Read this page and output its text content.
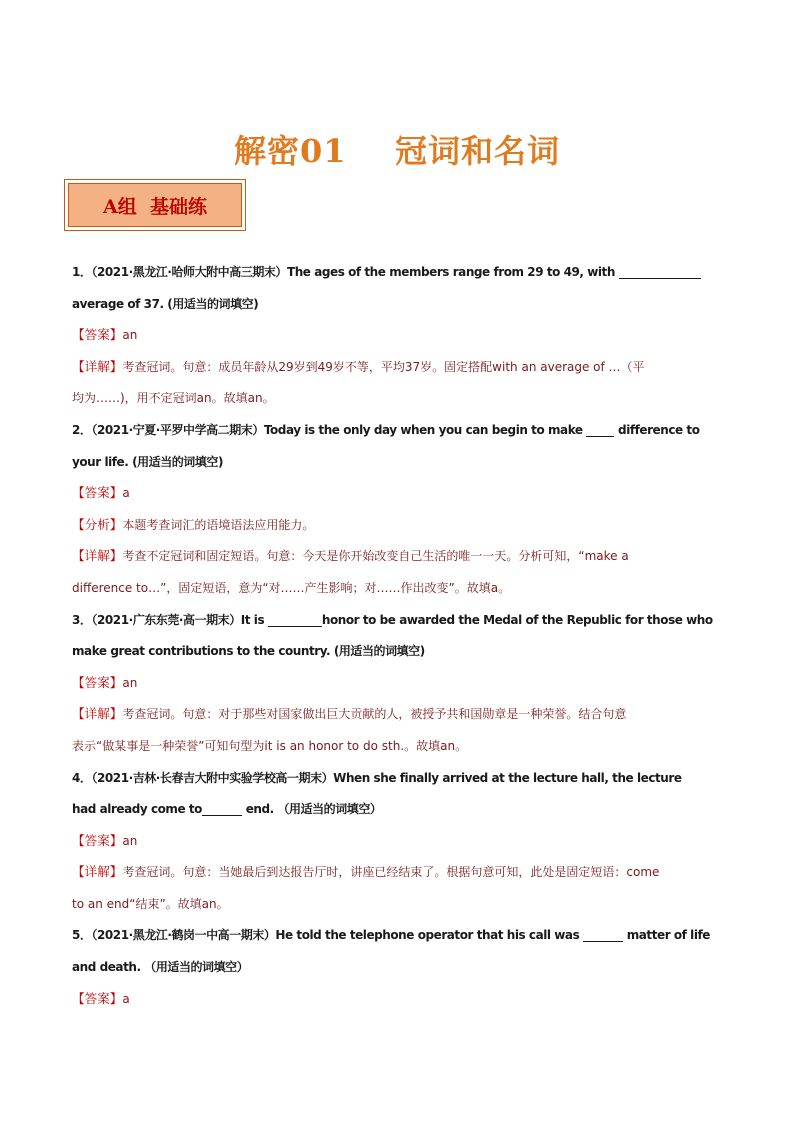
解密01    冠词和名词
A组  基础练
1．（2021·黑龙江·哈师大附中高三期末）The ages of the members range from 29 to 49, with
average of 37. (用适当的词填空)
【答案】an
【详解】考查冠词。句意：成员年龄从29岁到49岁不等，平均37岁。固定搭配with an average of …（平
均为……)，用不定冠词an。故填an。
2．（2021·宁夏·平罗中学高二期末）Today is the only day when you can begin to make  difference to
your life. (用适当的词填空)
【答案】a
【分析】本题考查词汇的语境语法应用能力。
【详解】考查不定冠词和固定短语。句意：今天是你开始改变自己生活的唯一一天。分析可知，“make a
difference to…”，固定短语，意为“对……产生影响；对……作出改变”。故填a。
3．（2021·广东东莞·高一期末）It is	honor to be awarded the Medal of the Republic for those who
make great contributions to the country. (用适当的词填空)
【答案】an
【详解】考查冠词。句意：对于那些对国家做出巨大贡献的人，被授予共和国勋章是一种荣誉。结合句意
表示“做某事是一种荣誉”可知句型为it is an honor to do sth.。故填an。
4．（2021·吉林·长春吉大附中实验学校高一期末）When she finally arrived at the lecture hall, the lecture
had already come to	end. （用适当的词填空）
【答案】an
【详解】考查冠词。句意：当她最后到达报告厅时，讲座已经结束了。根据句意可知，此处是固定短语：come
to an end“结束”。故填an。
5．（2021·黑龙江·鹤岗一中高一期末）He told the telephone operator that his call was	matter of life
and death. （用适当的词填空）
【答案】a
